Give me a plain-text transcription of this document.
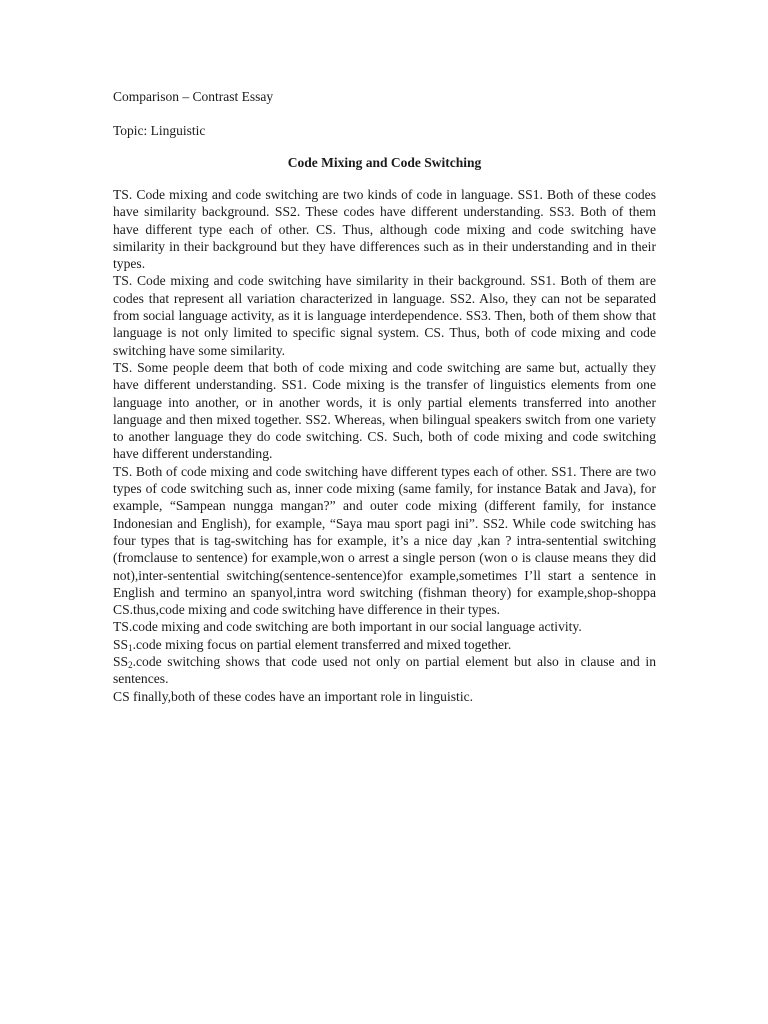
Comparison – Contrast Essay

Topic: Linguistic

Code Mixing and Code Switching

TS. Code mixing and code switching are two kinds of code in language. SS1. Both of these codes have similarity background. SS2. These codes have different understanding. SS3. Both of them have different type each of other. CS. Thus, although code mixing and code switching have similarity in their background but they have differences such as in their understanding and in their types.

TS. Code mixing and code switching have similarity in their background. SS1. Both of them are codes that represent all variation characterized in language. SS2. Also, they can not be separated from social language activity, as it is language interdependence. SS3. Then, both of them show that language is not only limited to specific signal system. CS. Thus, both of code mixing and code switching have some similarity.

TS. Some people deem that both of code mixing and code switching are same but, actually they have different understanding. SS1. Code mixing is the transfer of linguistics elements from one language into another, or in another words, it is only partial elements transferred into another language and then mixed together. SS2. Whereas, when bilingual speakers switch from one variety to another language they do code switching. CS. Such, both of code mixing and code switching have different understanding.

TS. Both of code mixing and code switching have different types each of other. SS1. There are two types of code switching such as, inner code mixing (same family, for instance Batak and Java), for example, “Sampean nungga mangan?” and outer code mixing (different family, for instance Indonesian and English), for example, “Saya mau sport pagi ini”. SS2. While code switching has four types that is tag-switching has for example, it’s a nice day ,kan ? intra-sentential switching (fromclause to sentence) for example,won o arrest a single person (won o is clause means they did not),inter-sentential switching(sentence-sentence)for example,sometimes I’ll start a sentence in English and termino an spanyol,intra word switching (fishman theory) for example,shop-shoppa CS.thus,code mixing and code switching have difference in their types.

TS.code mixing and code switching are both important in our social language activity.

$SS_1.code$ mixing focus on partial element transferred and mixed together.

$SS_2.code$ switching shows that code used not only on partial element but also in clause and in sentences.

CS finally,both of these codes have an important role in linguistic.
